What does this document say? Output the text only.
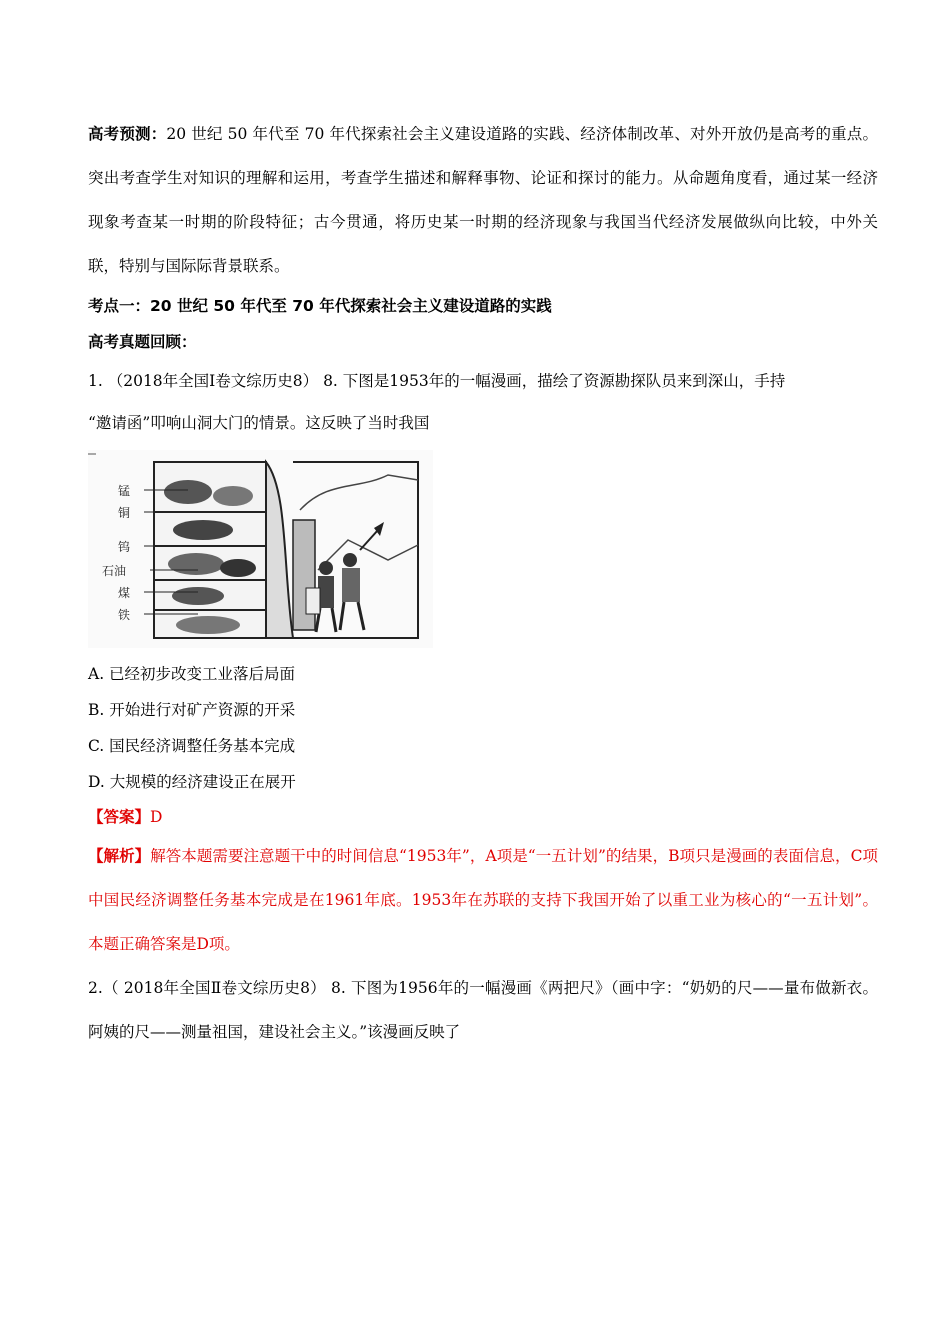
高考预测：20 世纪 50 年代至 70 年代探索社会主义建设道路的实践、经济体制改革、对外开放仍是高考的重点。突出考查学生对知识的理解和运用，考查学生描述和解释事物、论证和探讨的能力。从命题角度看，通过某一经济现象考查某一时期的阶段特征；古今贯通，将历史某一时期的经济现象与我国当代经济发展做纵向比较，中外关联，特别与国际际背景联系。

考点一：20 世纪 50 年代至 70 年代探索社会主义建设道路的实践

高考真题回顾：

1. （2018年全国Ⅰ卷文综历史8） 8. 下图是1953年的一幅漫画，描绘了资源勘探队员来到深山，手持

“邀请函”叩响山洞大门的情景。这反映了当时我国

锰
铜
钨
石油
煤
铁

A. 已经初步改变工业落后局面

B. 开始进行对矿产资源的开采

C. 国民经济调整任务基本完成

D. 大规模的经济建设正在展开

【答案】D

【解析】解答本题需要注意题干中的时间信息“1953年”，A项是“一五计划”的结果，B项只是漫画的表面信息，C项中国民经济调整任务基本完成是在1961年底。1953年在苏联的支持下我国开始了以重工业为核心的“一五计划”。本题正确答案是D项。

2.（ 2018年全国Ⅱ卷文综历史8） 8. 下图为1956年的一幅漫画《两把尺》（画中字：“奶奶的尺——量布做新衣。阿姨的尺——测量祖国，建设社会主义。”该漫画反映了
